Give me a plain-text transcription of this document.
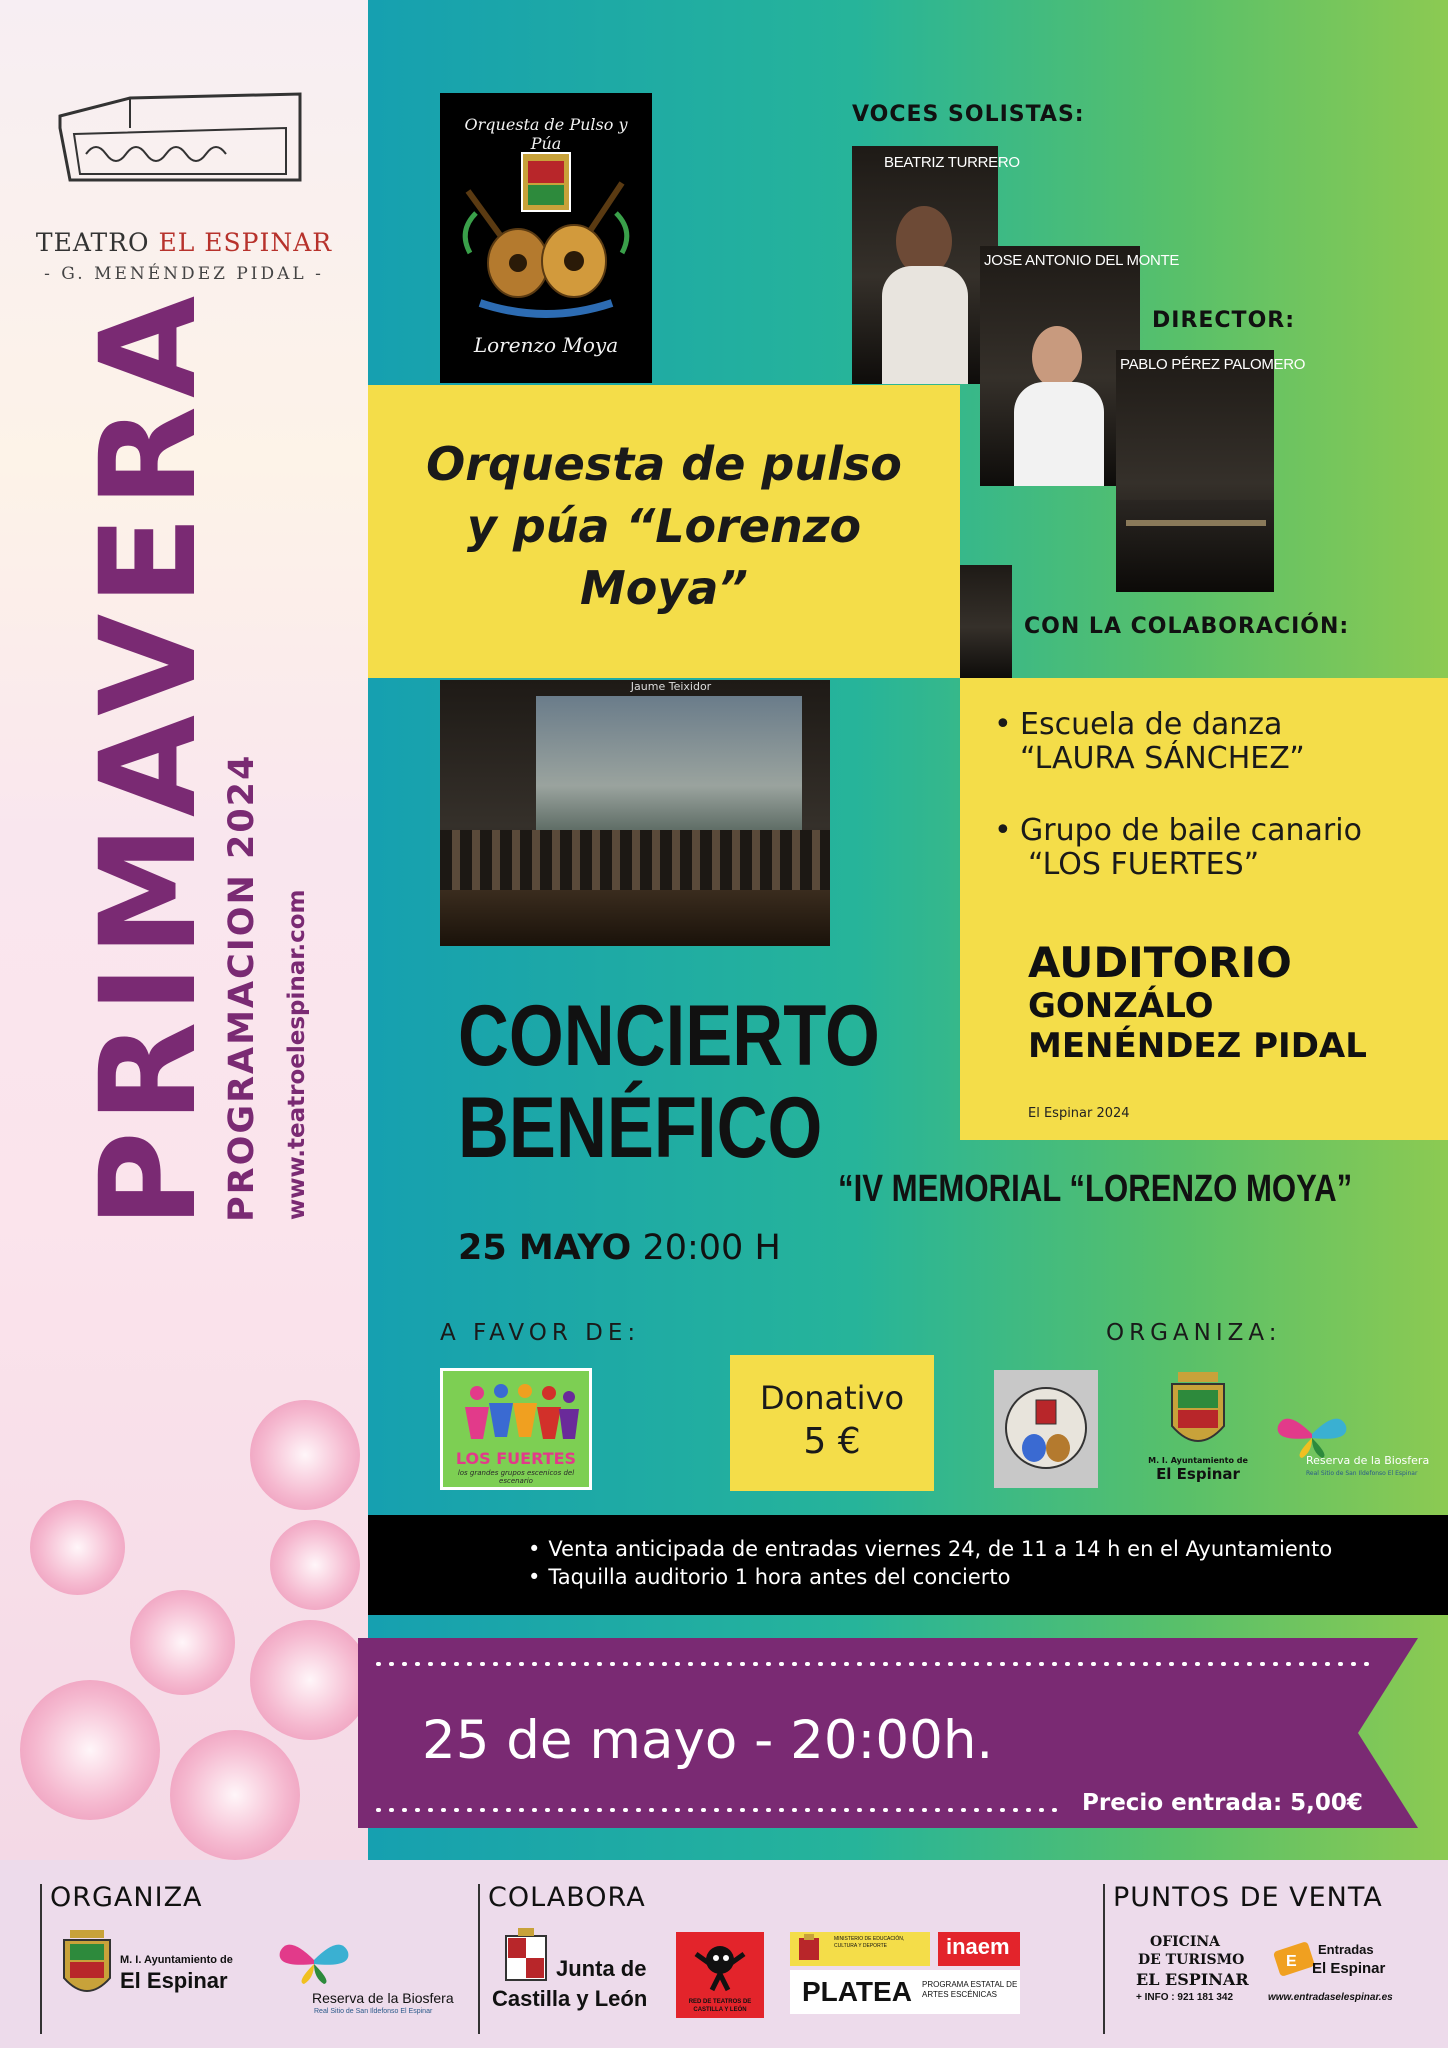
TEATRO EL ESPINAR
- G. MENÉNDEZ PIDAL -
PRIMAVERA
PROGRAMACION 2024 www.teatroelespinar.com
Orquesta de Pulso y Púa
Lorenzo Moya
VOCES SOLISTAS:
BEATRIZ TURRERO
JOSE ANTONIO DEL MONTE
DIRECTOR:
PABLO PÉREZ PALOMERO
Orquesta de pulso
y púa “Lorenzo
Moya”
CON LA COLABORACIÓN:
Jaume Teixidor
• Escuela de danza
“LAURA SÁNCHEZ”
• Grupo de baile canario
“LOS FUERTES”
AUDITORIO
GONZÁLO
MENÉNDEZ PIDAL
El Espinar 2024
CONCIERTO
BENÉFICO
“IV MEMORIAL “LORENZO MOYA”
25 MAYO 20:00 H
A FAVOR DE:	ORGANIZA:
LOS FUERTES
los grandes grupos escenicos del escenario
Donativo
5 €	M. I. Ayuntamiento de
El Espinar
Reserva de la Biosfera
Real Sitio de San Ildefonso El Espinar
• Venta anticipada de entradas viernes 24, de 11 a 14 h en el Ayuntamiento
• Taquilla auditorio 1 hora antes del concierto
25 de mayo - 20:00h.
Precio entrada: 5,00€
ORGANIZA	COLABORA	PUNTOS DE VENTA
M. I. Ayuntamiento de
El Espinar
Reserva de la Biosfera
Real Sitio de San Ildefonso El Espinar
Junta de
Castilla y León	RED DE TEATROS DE CASTILLA Y LEÓN
MINISTERIO DE EDUCACIÓN, CULTURA Y DEPORTE	inaem
PLATEA PROGRAMA ESTATAL DE ARTES ESCÉNICAS
OFICINA
DE TURISMO
EL ESPINAR
+ INFO : 921 181 342
E
Entradas
El Espinar
www.entradaselespinar.es
